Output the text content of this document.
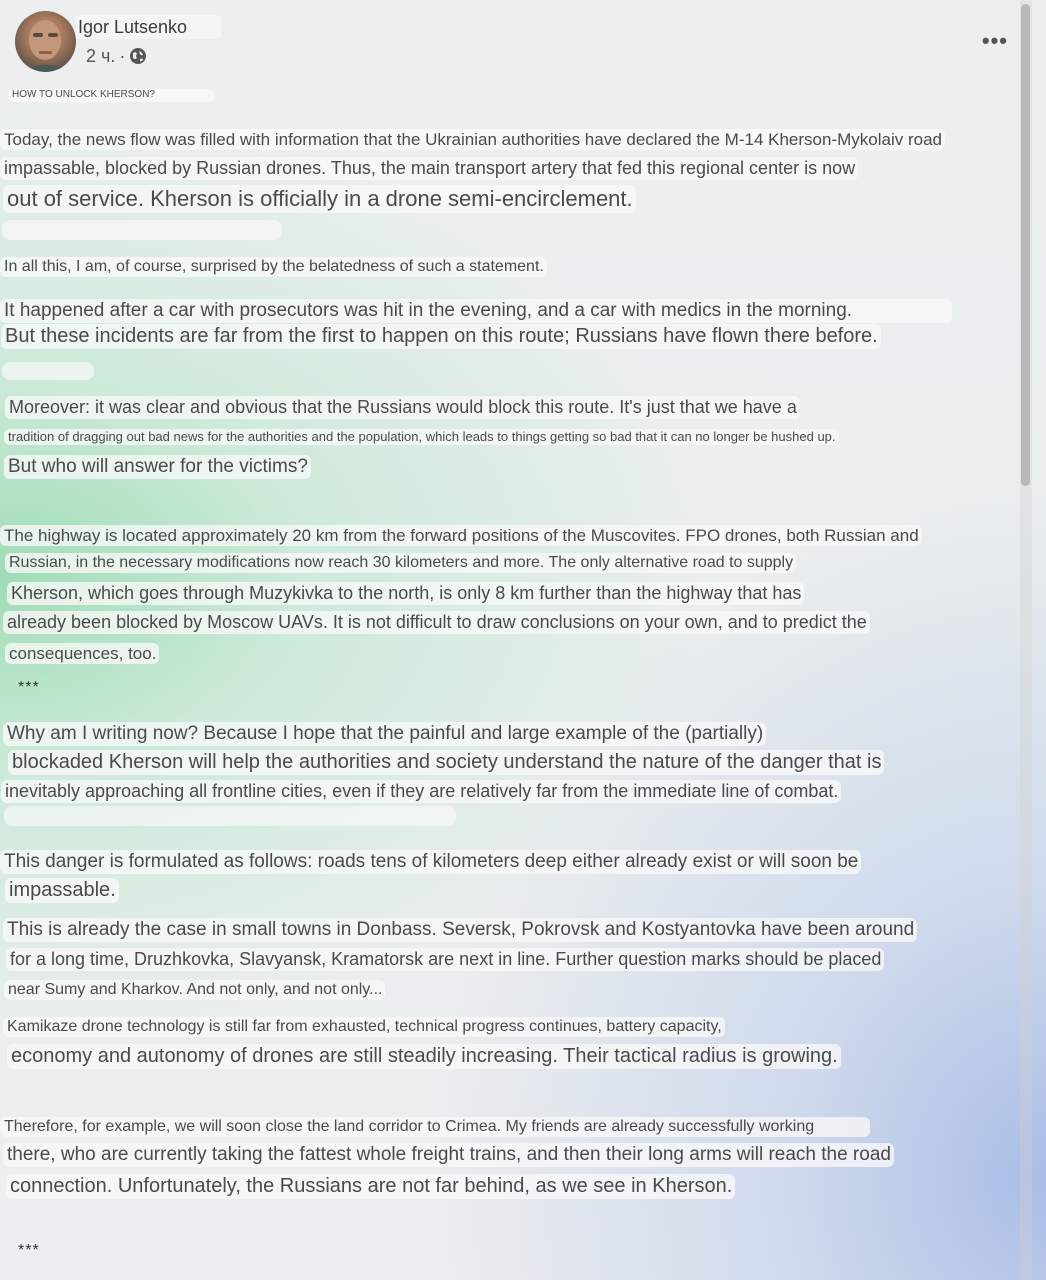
Igor Lutsenko
2 ч. ·
•••
HOW TO UNLOCK KHERSON?
Today, the news flow was filled with information that the Ukrainian authorities have declared the M-14 Kherson-Mykolaiv road
impassable, blocked by Russian drones. Thus, the main transport artery that fed this regional center is now
out of service. Kherson is officially in a drone semi-encirclement.
In all this, I am, of course, surprised by the belatedness of such a statement.
It happened after a car with prosecutors was hit in the evening, and a car with medics in the morning.
But these incidents are far from the first to happen on this route; Russians have flown there before.
Moreover: it was clear and obvious that the Russians would block this route. It's just that we have a
tradition of dragging out bad news for the authorities and the population, which leads to things getting so bad that it can no longer be hushed up.
But who will answer for the victims?
The highway is located approximately 20 km from the forward positions of the Muscovites. FPO drones, both Russian and
Russian, in the necessary modifications now reach 30 kilometers and more. The only alternative road to supply
Kherson, which goes through Muzykivka to the north, is only 8 km further than the highway that has
already been blocked by Moscow UAVs. It is not difficult to draw conclusions on your own, and to predict the
consequences, too.
***
Why am I writing now? Because I hope that the painful and large example of the (partially)
blockaded Kherson will help the authorities and society understand the nature of the danger that is
inevitably approaching all frontline cities, even if they are relatively far from the immediate line of combat.
This danger is formulated as follows: roads tens of kilometers deep either already exist or will soon be
impassable.
This is already the case in small towns in Donbass. Seversk, Pokrovsk and Kostyantovka have been around
for a long time, Druzhkovka, Slavyansk, Kramatorsk are next in line. Further question marks should be placed
near Sumy and Kharkov. And not only, and not only...
Kamikaze drone technology is still far from exhausted, technical progress continues, battery capacity,
economy and autonomy of drones are still steadily increasing. Their tactical radius is growing.
Therefore, for example, we will soon close the land corridor to Crimea. My friends are already successfully working
there, who are currently taking the fattest whole freight trains, and then their long arms will reach the road
connection. Unfortunately, the Russians are not far behind, as we see in Kherson.
***
